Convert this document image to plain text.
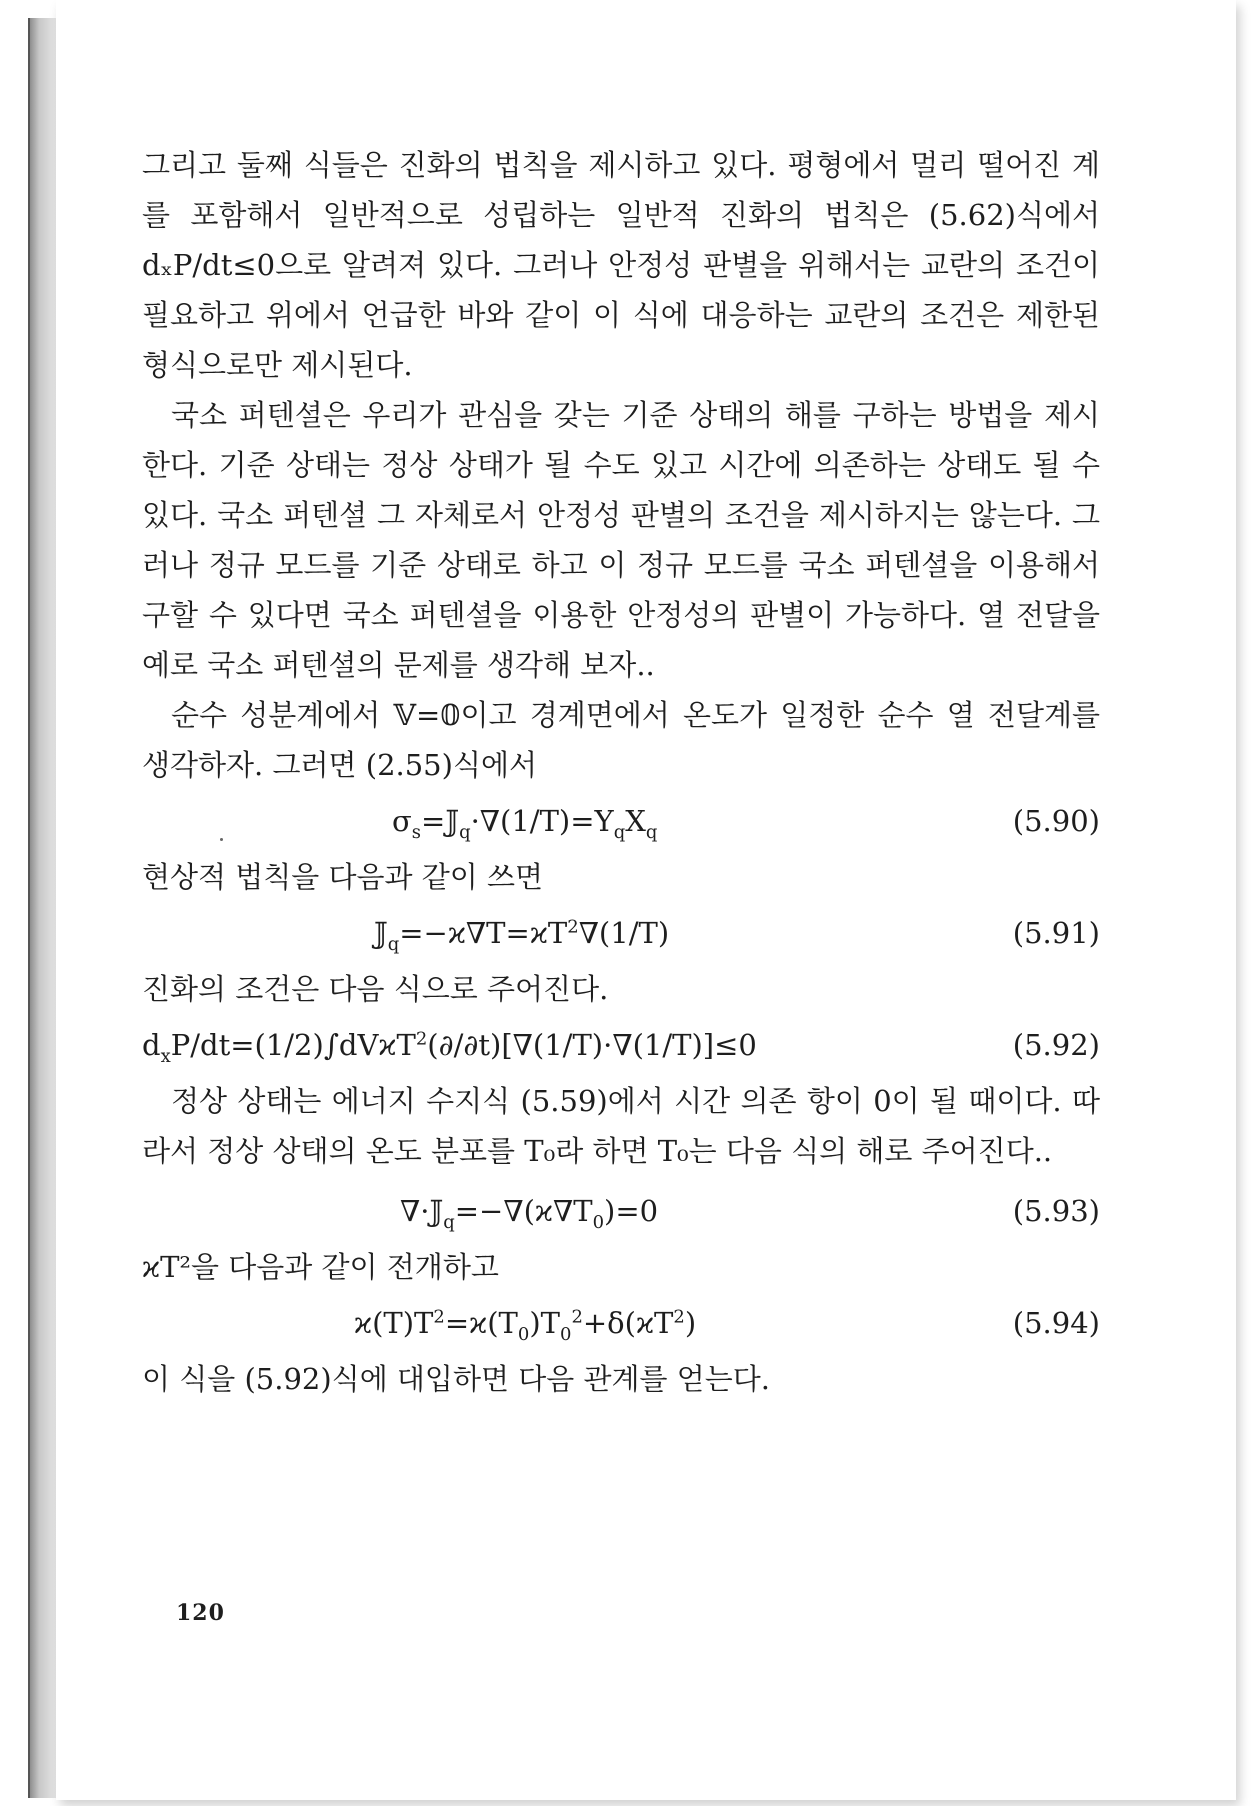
그리고 둘째 식들은 진화의 법칙을 제시하고 있다. 평형에서 멀리 떨어진 계를 포함해서 일반적으로 성립하는 일반적 진화의 법칙은 (5.62)식에서 dₓP/dt≤0으로 알려져 있다. 그러나 안정성 판별을 위해서는 교란의 조건이 필요하고 위에서 언급한 바와 같이 이 식에 대응하는 교란의 조건은 제한된 형식으로만 제시된다.

국소 퍼텐셜은 우리가 관심을 갖는 기준 상태의 해를 구하는 방법을 제시한다. 기준 상태는 정상 상태가 될 수도 있고 시간에 의존하는 상태도 될 수 있다. 국소 퍼텐셜 그 자체로서 안정성 판별의 조건을 제시하지는 않는다. 그러나 정규 모드를 기준 상태로 하고 이 정규 모드를 국소 퍼텐셜을 이용해서 구할 수 있다면 국소 퍼텐셜을 이용한 안정성의 판별이 가능하다. 열 전달을 예로 국소 퍼텐셜의 문제를 생각해 보자..

순수 성분계에서 𝕍=𝟘이고 경계면에서 온도가 일정한 순수 열 전달계를 생각하자. 그러면 (2.55)식에서

$\sigma_s=𝕁_q\cdot\nabla(1/T)=Y_qX_q$	(5.90)

현상적 법칙을 다음과 같이 쓰면

$𝕁_q=-ϰ\nabla T=ϰT^2\nabla(1/T)$	(5.91)

진화의 조건은 다음 식으로 주어진다.

$d_xP/dt=(1/2)\int dVϰT^2(\partial/\partial t)[\nabla(1/T)\cdot\nabla(1/T)]\le 0$	(5.92)

정상 상태는 에너지 수지식 (5.59)에서 시간 의존 항이 0이 될 때이다. 따라서 정상 상태의 온도 분포를 T₀라 하면 T₀는 다음 식의 해로 주어진다..

$\nabla\cdot 𝕁_q=-\nabla(ϰ\nabla T_0)=0$	(5.93)

ϰT²을 다음과 같이 전개하고

$ϰ(T)T^2=ϰ(T_0)T_0^2+\delta(ϰT^2)$	(5.94)

이 식을 (5.92)식에 대입하면 다음 관계를 얻는다.

120
